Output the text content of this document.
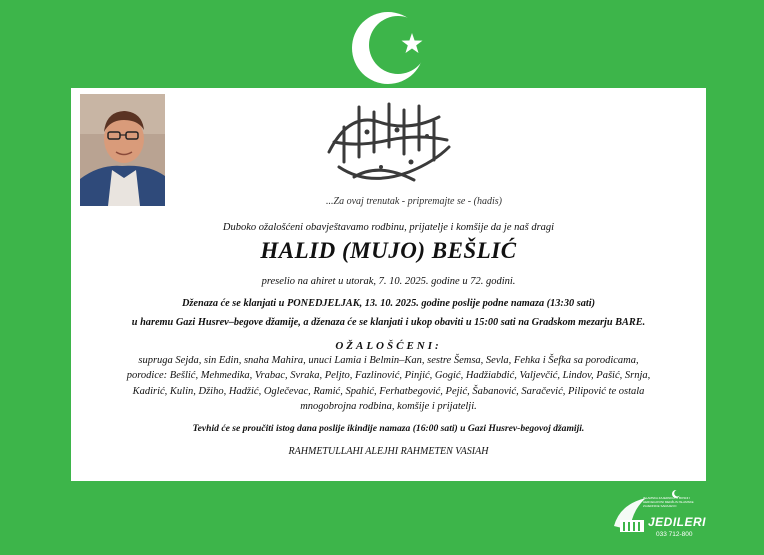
...Za ovaj trenutak - pripremajte se - (hadis)
Duboko ožalošćeni obavještavamo rodbinu, prijatelje i komšije da je naš dragi
HALID (MUJO) BEŠLIĆ
preselio na ahiret u utorak, 7. 10. 2025. godine u 72. godini.
Dženaza će se klanjati u PONEDJELJAK, 13. 10. 2025. godine poslije podne namaza (13:30 sati)
u haremu Gazi Husrev–begove džamije, a dženaza će se klanjati i ukop obaviti u 15:00 sati na Gradskom mezarju BARE.
OŽALOŠĆENI:
supruga Sejda, sin Edin, snaha Mahira, unuci Lamia i Belmin–Kan, sestre Šemsa, Sevla, Fehka i Šefka sa porodicama,
porodice: Bešlić, Mehmedika, Vrabac, Svraka, Peljto, Fazlinović, Pinjić, Gogić, Hadžiabdić, Valjevčić, Lindov, Pašić, Srnja,
Kadirić, Kulin, Džiho, Hadžić, Oglečevac, Ramić, Spahić, Ferhatbegović, Pejić, Šabanović, Saračević, Pilipović te ostala
mnogobrojna rodbina, komšije i prijatelji.
Tevhid će se proučiti istog dana poslije ikindije namaza (16:00 sati) u Gazi Husrev-begovoj džamiji.
RAHMETULLAHI ALEJHI RAHMETEN VASIAH
ISLAMSKA ZAJEDNICA U BOSNI I HERCEGOVINI MEDŽLIS ISLAMSKE ZAJEDNICE SARAJEVO
JEDILERI
033 712-800
